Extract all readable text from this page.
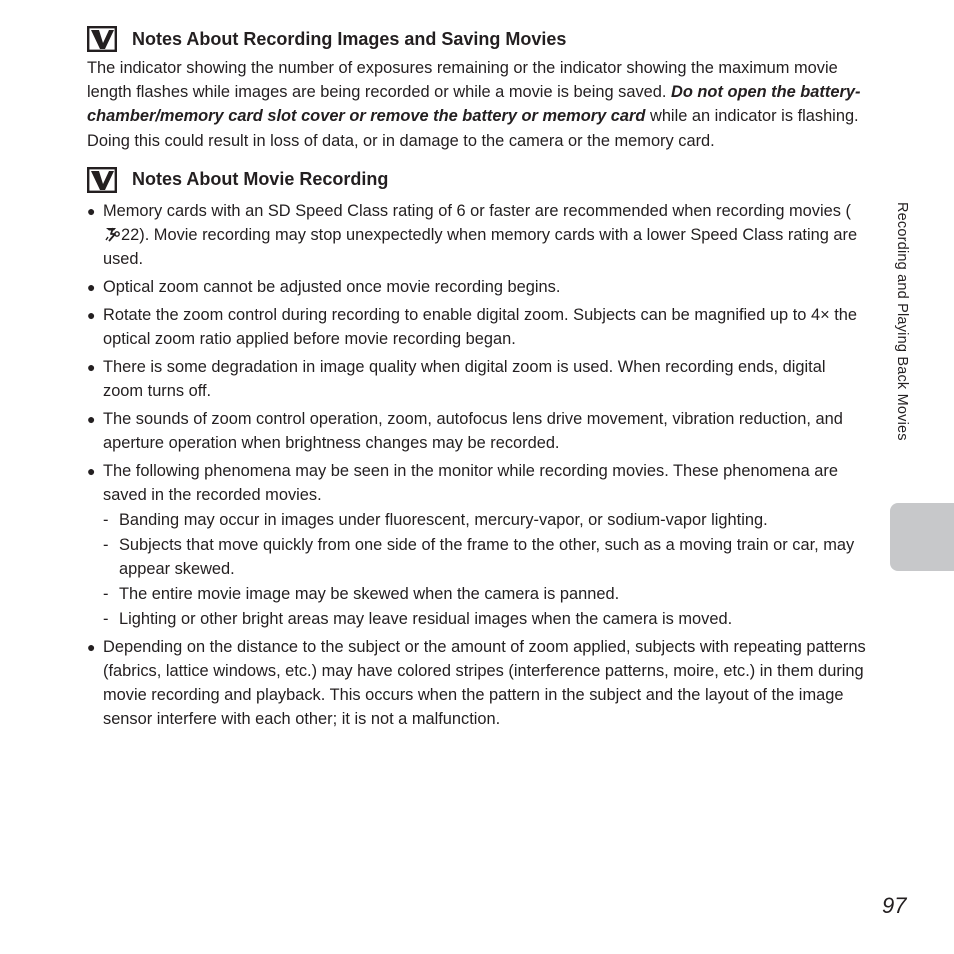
Notes About Recording Images and Saving Movies

The indicator showing the number of exposures remaining or the indicator showing the maximum movie length flashes while images are being recorded or while a movie is being saved. Do not open the battery-chamber/memory card slot cover or remove the battery or memory card while an indicator is flashing. Doing this could result in loss of data, or in damage to the camera or the memory card.

Notes About Movie Recording
● Memory cards with an SD Speed Class rating of 6 or faster are recommended when recording movies (22). Movie recording may stop unexpectedly when memory cards with a lower Speed Class rating are used.
● Optical zoom cannot be adjusted once movie recording begins.
● Rotate the zoom control during recording to enable digital zoom. Subjects can be magnified up to 4× the optical zoom ratio applied before movie recording began.
● There is some degradation in image quality when digital zoom is used. When recording ends, digital zoom turns off.
● The sounds of zoom control operation, zoom, autofocus lens drive movement, vibration reduction, and aperture operation when brightness changes may be recorded.
● The following phenomena may be seen in the monitor while recording movies. These phenomena are saved in the recorded movies.
- Banding may occur in images under fluorescent, mercury-vapor, or sodium-vapor lighting.
- Subjects that move quickly from one side of the frame to the other, such as a moving train or car, may appear skewed.
- The entire movie image may be skewed when the camera is panned.
- Lighting or other bright areas may leave residual images when the camera is moved.
● Depending on the distance to the subject or the amount of zoom applied, subjects with repeating patterns (fabrics, lattice windows, etc.) may have colored stripes (interference patterns, moire, etc.) in them during movie recording and playback. This occurs when the pattern in the subject and the layout of the image sensor interfere with each other; it is not a malfunction.
Recording and Playing Back Movies
97
